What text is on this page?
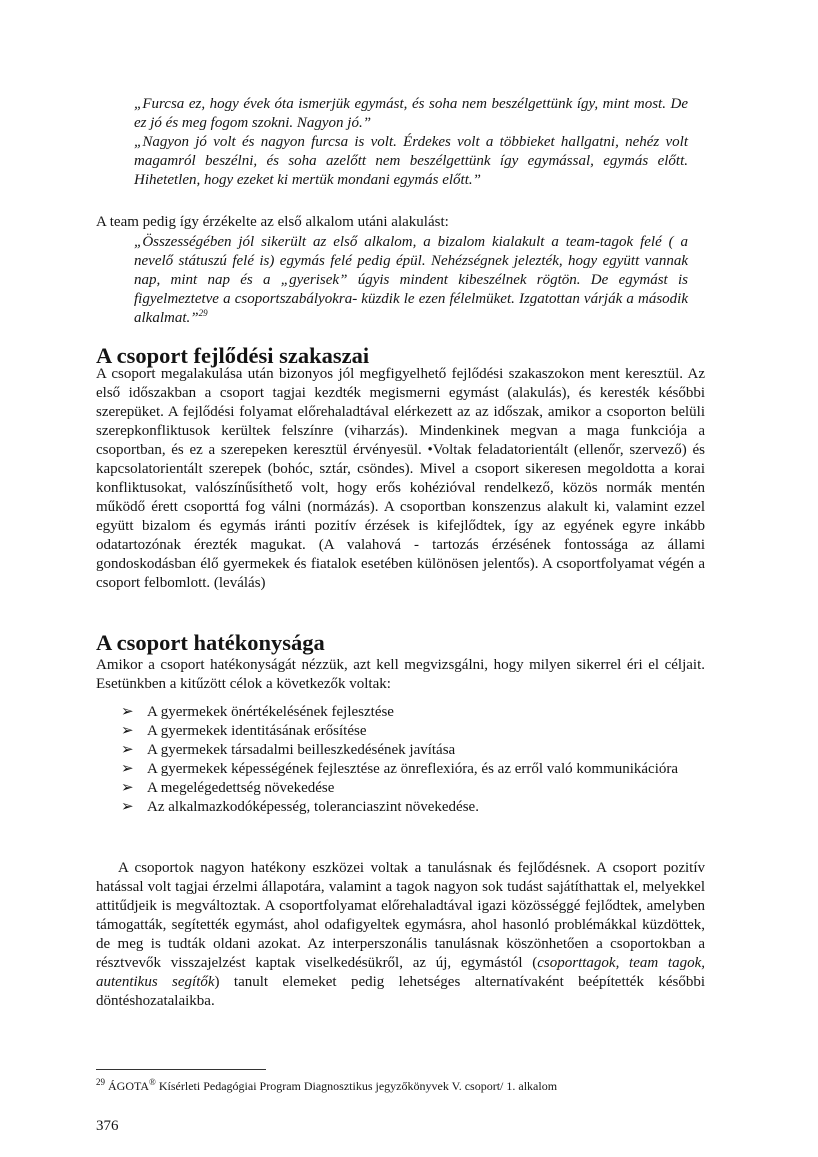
„Furcsa ez, hogy évek óta ismerjük egymást, és soha nem beszélgettünk így, mint most. De ez jó és meg fogom szokni. Nagyon jó.”

„Nagyon jó volt és nagyon furcsa is volt. Érdekes volt a többieket hallgatni, nehéz volt magamról beszélni, és soha azelőtt nem beszélgettünk így egymással, egymás előtt. Hihetetlen, hogy ezeket ki mertük mondani egymás előtt.”

A team pedig így érzékelte az első alkalom utáni alakulást:

„Összességében jól sikerült az első alkalom, a bizalom kialakult a team-tagok felé ( a nevelő státuszú felé is) egymás felé pedig épül. Nehézségnek jelezték, hogy együtt vannak nap, mint nap és a „gyerisek” úgyis mindent kibeszélnek rögtön. De egymást is figyelmeztetve a csoportszabályokra- küzdik le ezen félelmüket. Izgatottan várják a második alkalmat.”$^{29}$
A csoport fejlődési szakaszai

A csoport megalakulása után bizonyos jól megfigyelhető fejlődési szakaszokon ment keresztül. Az első időszakban a csoport tagjai kezdték megismerni egymást (alakulás), és keresték későbbi szerepüket. A fejlődési folyamat előrehaladtával elérkezett az az időszak, amikor a csoporton belüli szerepkonfliktusok kerültek felszínre (viharzás). Mindenkinek megvan a maga funkciója a csoportban, és ez a szerepeken keresztül érvényesül. •Voltak feladatorientált (ellenőr, szervező) és kapcsolatorientált szerepek (bohóc, sztár, csöndes). Mivel a csoport sikeresen megoldotta a korai konfliktusokat, valószínűsíthető volt, hogy erős kohézióval rendelkező, közös normák mentén működő érett csoporttá fog válni (normázás). A csoportban konszenzus alakult ki, valamint ezzel együtt bizalom és egymás iránti pozitív érzések is kifejlődtek, így az egyének egyre inkább odatartozónak érezték magukat. (A valahová - tartozás érzésének fontossága az állami gondoskodásban élő gyermekek és fiatalok esetében különösen jelentős). A csoportfolyamat végén a csoport felbomlott. (leválás)

A csoport hatékonysága

Amikor a csoport hatékonyságát nézzük, azt kell megvizsgálni, hogy milyen sikerrel éri el céljait. Esetünkben a kitűzött célok a következők voltak:

➢ A gyermekek önértékelésének fejlesztése
➢ A gyermekek identitásának erősítése
➢ A gyermekek társadalmi beilleszkedésének javítása
➢ A gyermekek képességének fejlesztése az önreflexióra, és az erről való kommunikációra
➢ A megelégedettség növekedése
➢ Az alkalmazkodóképesség, toleranciaszint növekedése.

A csoportok nagyon hatékony eszközei voltak a tanulásnak és fejlődésnek. A csoport pozitív hatással volt tagjai érzelmi állapotára, valamint a tagok nagyon sok tudást sajátíthattak el, melyekkel attitűdjeik is megváltoztak. A csoportfolyamat előrehaladtával igazi közösséggé fejlődtek, amelyben támogatták, segítették egymást, ahol odafigyeltek egymásra, ahol hasonló problémákkal küzdöttek, de meg is tudták oldani azokat. Az interperszonális tanulásnak köszönhetően a csoportokban a résztvevők visszajelzést kaptak viselkedésükről, az új, egymástól (csoporttagok, team tagok, autentikus segítők) tanult elemeket pedig lehetséges alternatívaként beépítették későbbi döntéshozatalaikba.

$^{29}$ ÁGOTA® Kísérleti Pedagógiai Program Diagnosztikus jegyzőkönyvek V. csoport/ 1. alkalom
376
